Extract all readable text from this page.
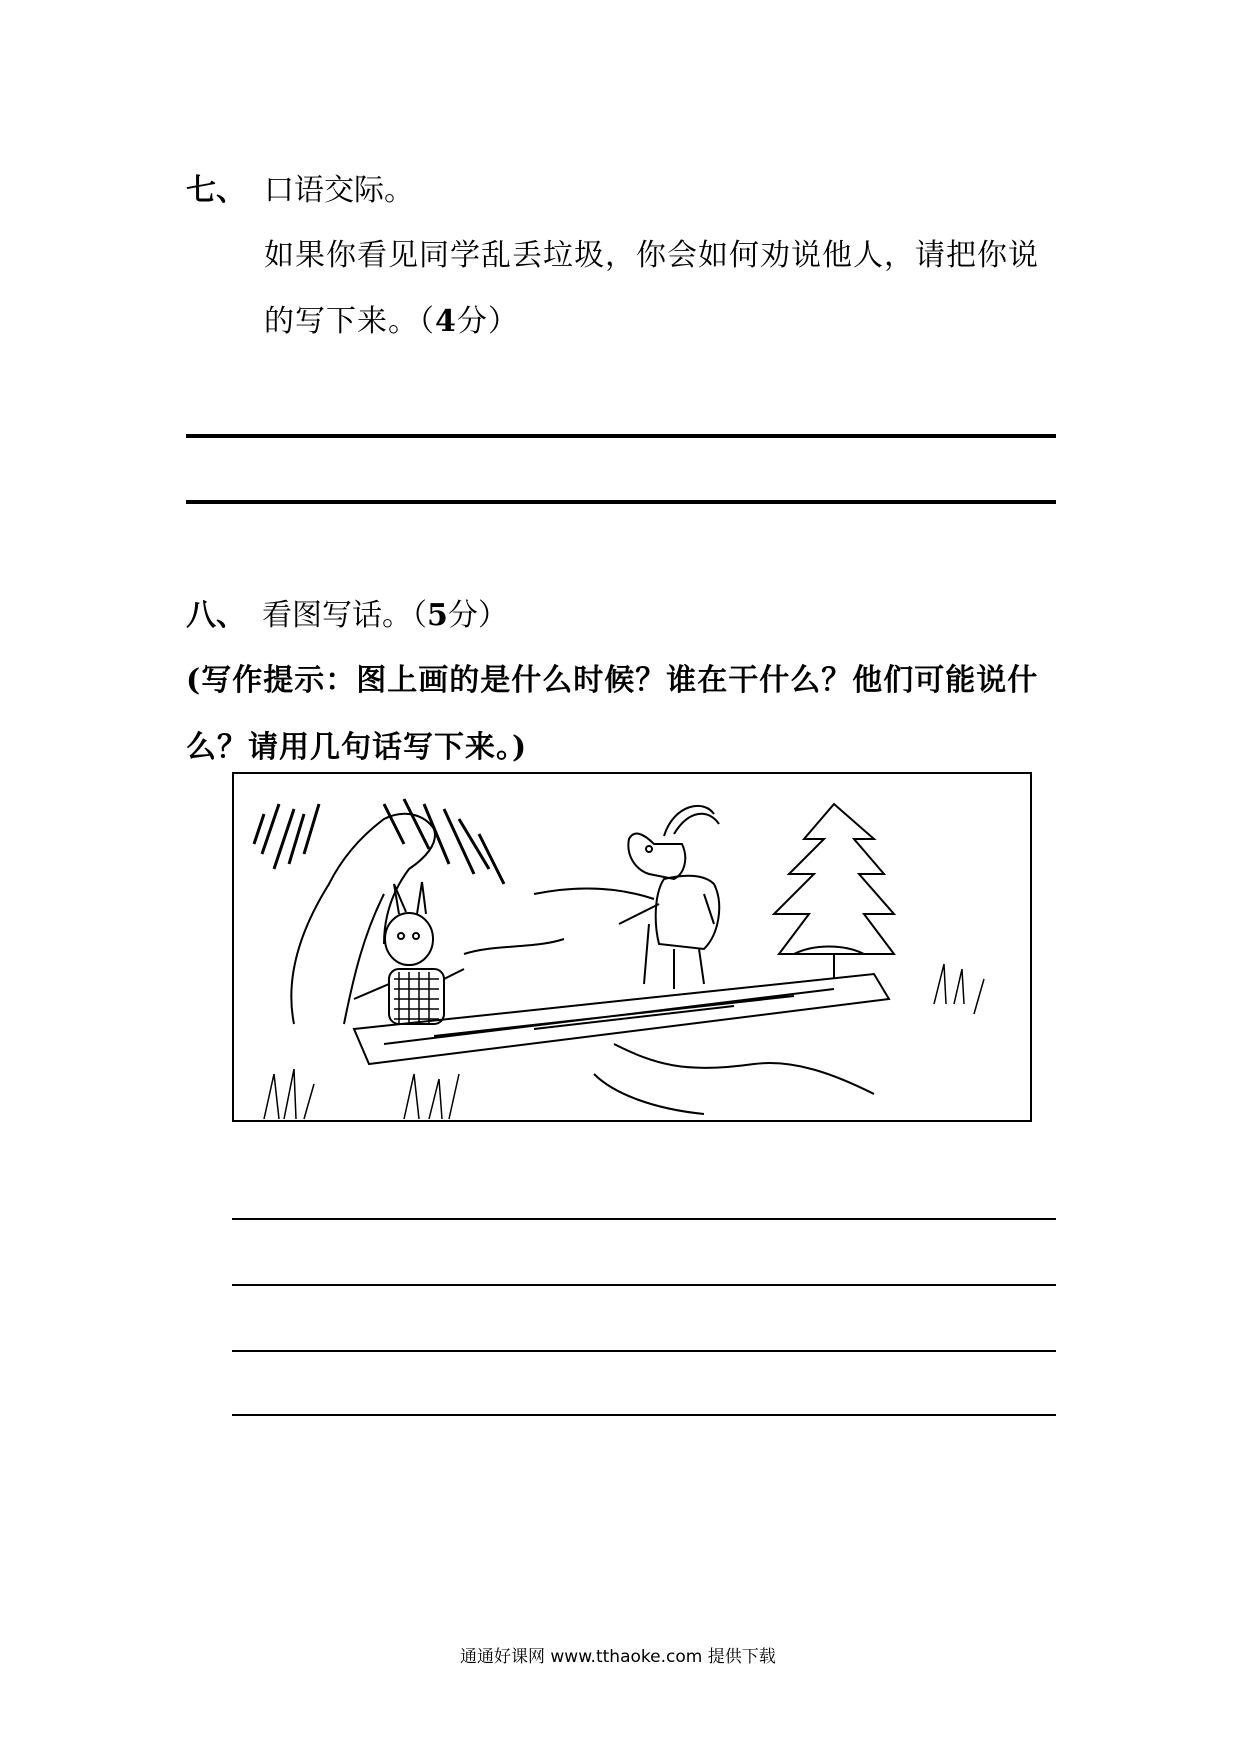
七、 口语交际。
如果你看见同学乱丢垃圾，你会如何劝说他人，请把你说
的写下来。（4分）
八、 看图写话。（5分）
(写作提示：图上画的是什么时候？谁在干什么？他们可能说什
么？请用几句话写下来。)
通通好课网 www.tthaoke.com 提供下载
